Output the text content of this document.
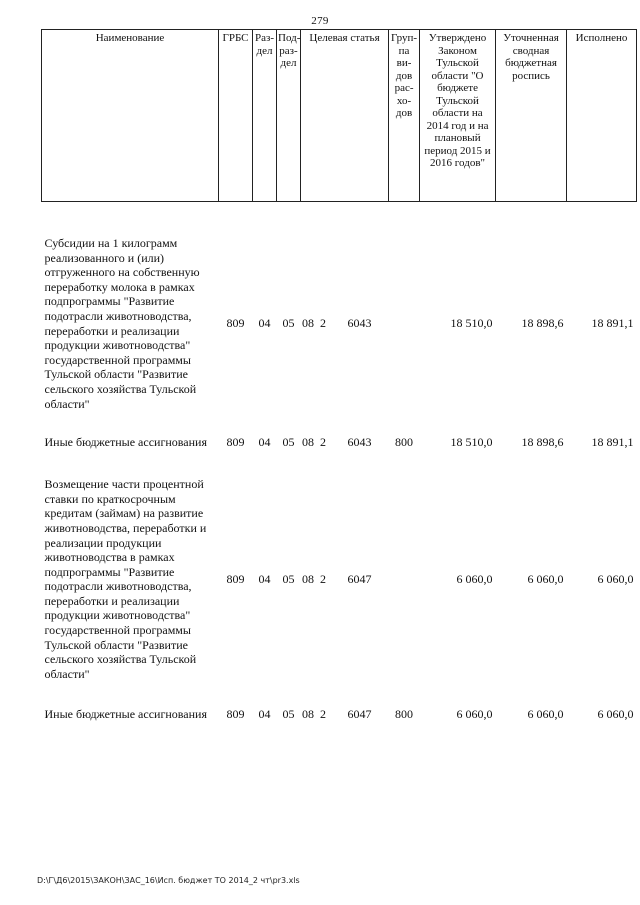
279
Наименование	ГРБС	Раз-дел	Под-раз-дел	Целевая статья			Груп-па ви-дов рас-хо-дов	Утверждено Законом Тульской области "О бюджете Тульской области на 2014 год и на плановый период 2015 и 2016 годов"	Уточненная сводная бюджетная роспись	Исполнено

Субсидии на 1 килограмм реализованного и (или) отгруженного на собственную переработку молока в рамках подпрограммы "Развитие подотрасли животноводства, переработки и реализации продукции животноводства" государственной программы Тульской области "Развитие сельского хозяйства Тульской области"	809	04	05	08	2	6043		18 510,0	18 898,6	18 891,1

Иные бюджетные ассигнования	809	04	05	08	2	6043	800	18 510,0	18 898,6	18 891,1

Возмещение части процентной ставки по краткосрочным кредитам (займам) на развитие животноводства, переработки и реализации продукции животноводства в рамках подпрограммы "Развитие подотрасли животноводства, переработки и реализации продукции животноводства" государственной программы Тульской области "Развитие сельского хозяйства Тульской области"	809	04	05	08	2	6047		6 060,0	6 060,0	6 060,0

Иные бюджетные ассигнования	809	04	05	08	2	6047	800	6 060,0	6 060,0	6 060,0
D:\Г\Д6\2015\ЗАКОН\ЗАС_16\Исп. бюджет ТО 2014_2 чт\pr3.xls
